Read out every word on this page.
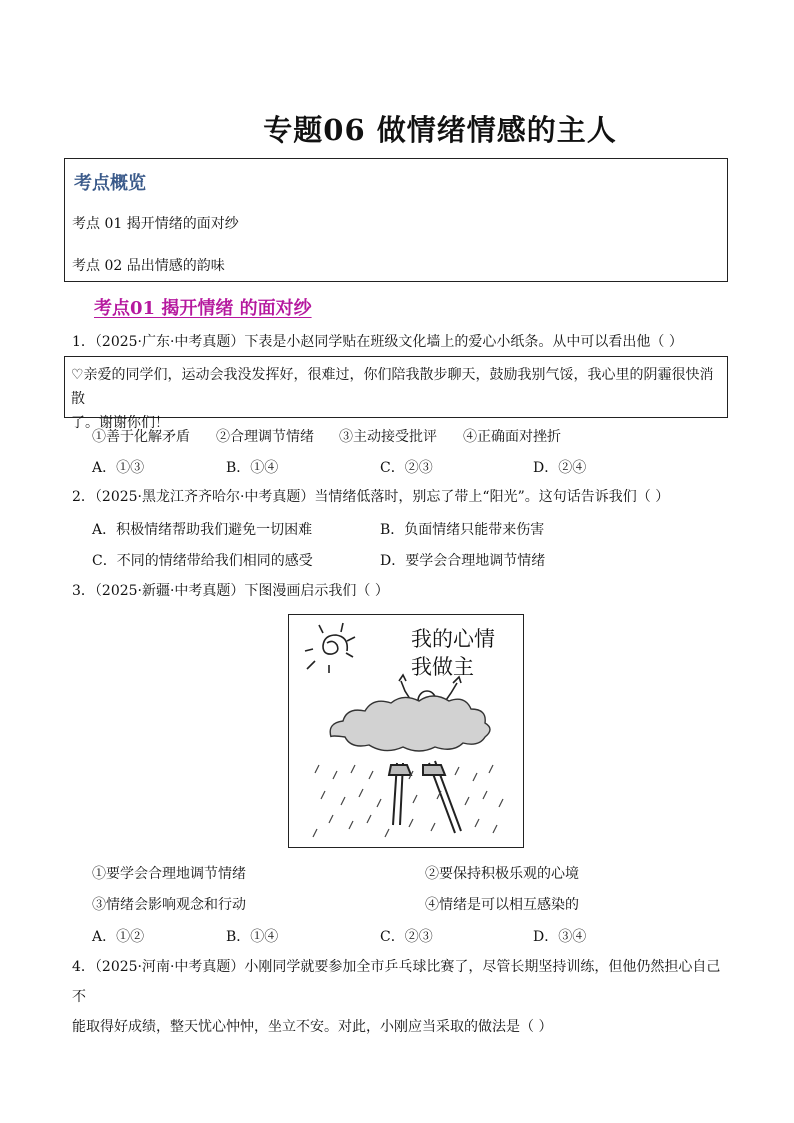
专题06 做情绪情感的主人
考点概览
考点 01 揭开情绪的面对纱
考点 02 品出情感的韵味
考点01 揭开情绪 的面对纱
1．（2025·广东·中考真题）下表是小赵同学贴在班级文化墙上的爱心小纸条。从中可以看出他（ ）
♡亲爱的同学们，运动会我没发挥好，很难过，你们陪我散步聊天，鼓励我别气馁，我心里的阴霾很快消散
了。谢谢你们！
①善于化解矛盾 ②合理调节情绪 ③主动接受批评 ④正确面对挫折
A．①③	B．①④	C．②③	D．②④
2．（2025·黑龙江齐齐哈尔·中考真题）当情绪低落时，别忘了带上“阳光”。这句话告诉我们（ ）
A．积极情绪帮助我们避免一切困难	B．负面情绪只能带来伤害
C．不同的情绪带给我们相同的感受	D．要学会合理地调节情绪
3．（2025·新疆·中考真题）下图漫画启示我们（ ）
我的心情
我做主
①要学会合理地调节情绪	②要保持积极乐观的心境
③情绪会影响观念和行动	④情绪是可以相互感染的
A．①②	B．①④	C．②③	D．③④
4．（2025·河南·中考真题）小刚同学就要参加全市乒乓球比赛了，尽管长期坚持训练，但他仍然担心自己不
能取得好成绩，整天忧心忡忡，坐立不安。对此，小刚应当采取的做法是（ ）
